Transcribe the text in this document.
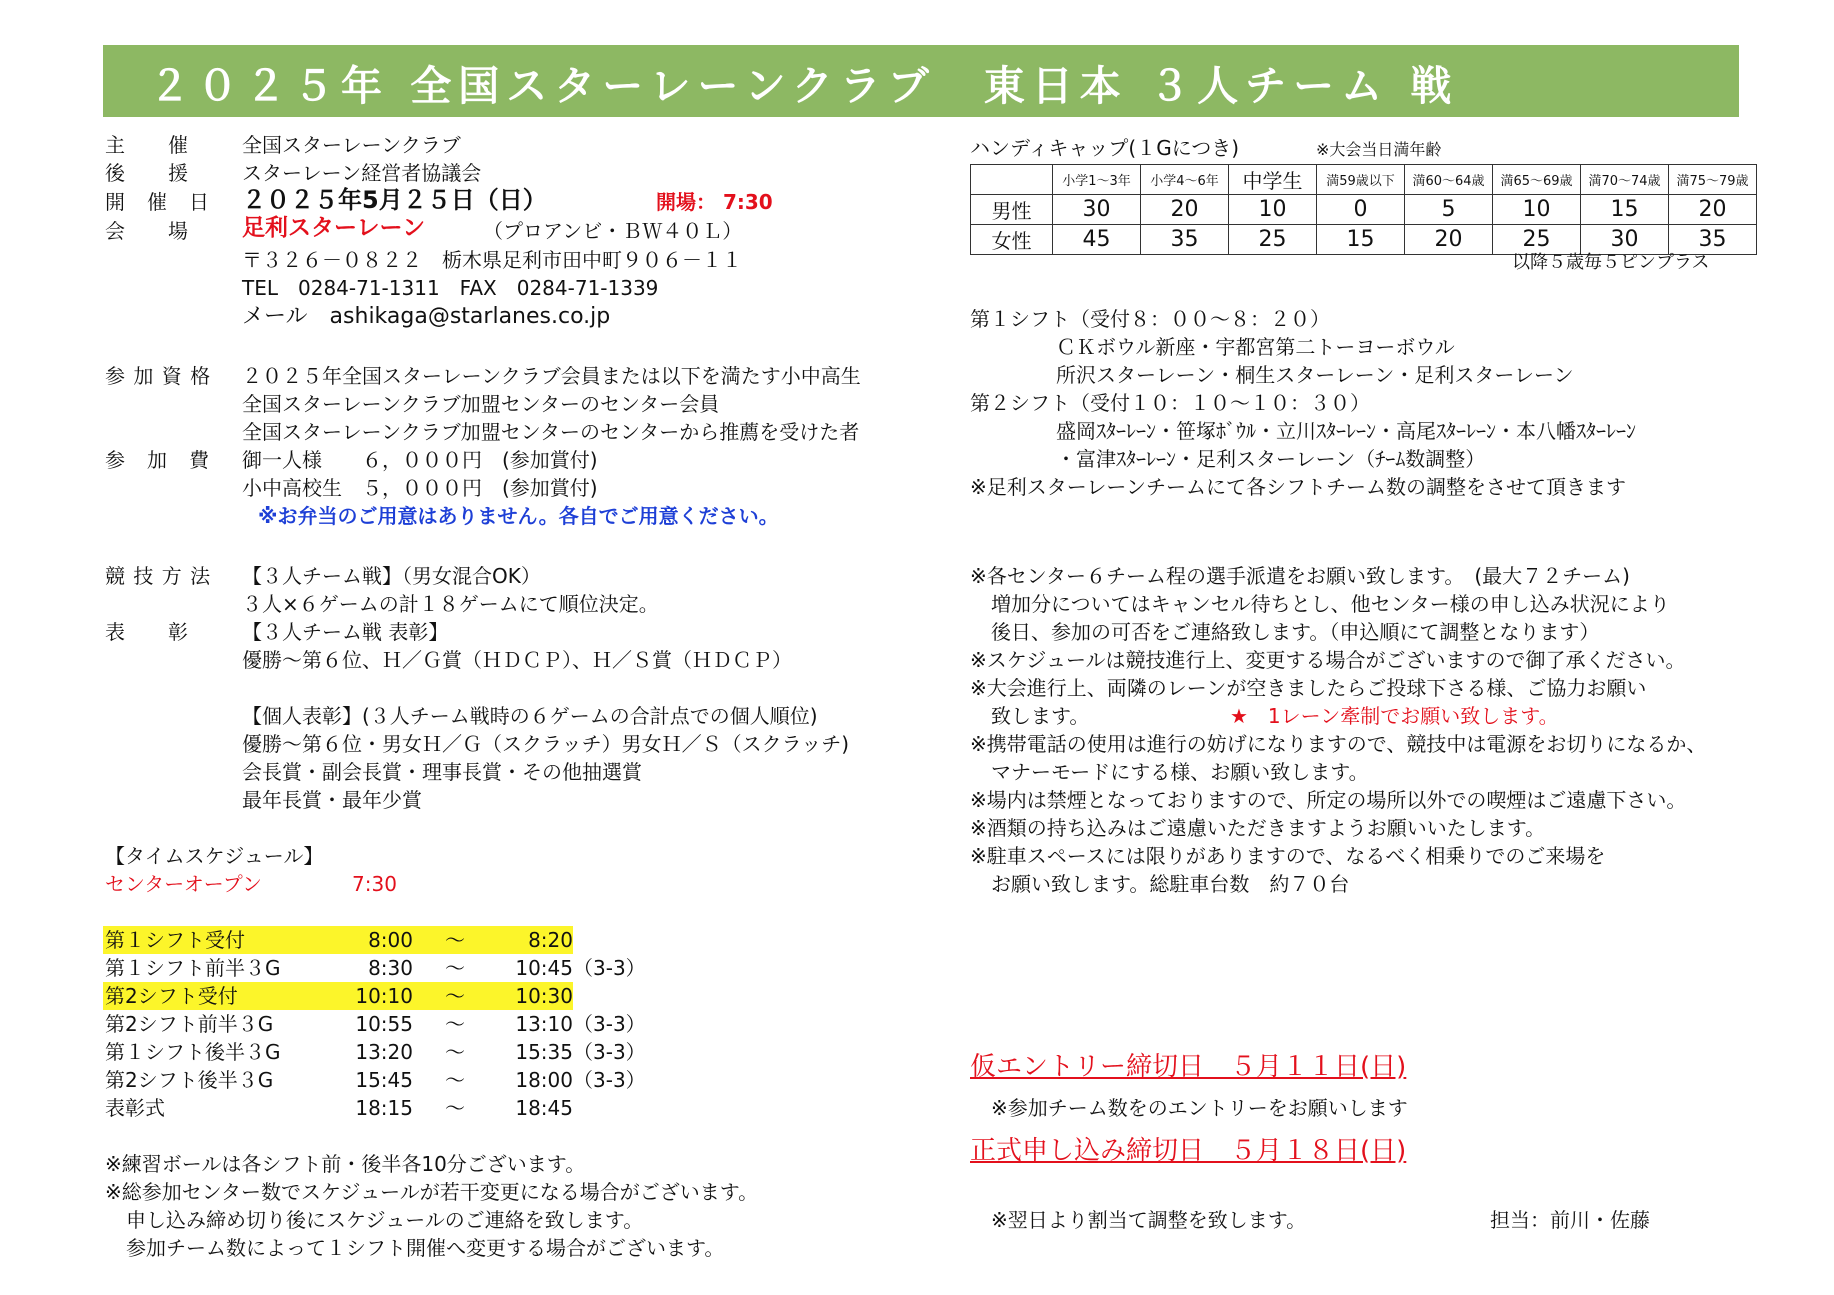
２０２５年 全国スターレーンクラブ　東日本 ３人チーム 戦
主　　催	全国スターレーンクラブ
後　　援	スターレーン経営者協議会
開　催　日 ２０２５年5月２５日（日）	開場： 7:30
会　　場 足利スターレーン	（プロアンビ・ＢＷ４０Ｌ）
〒３２６－０８２２　栃木県足利市田中町９０６－１１
TEL　0284-71-1311　FAX　0284-71-1339
メール　ashikaga@starlanes.co.jp
参 加 資 格 ２０２５年全国スターレーンクラブ会員または以下を満たす小中高生
全国スターレーンクラブ加盟センターのセンター会員
全国スターレーンクラブ加盟センターのセンターから推薦を受けた者
参　加　費 御一人様　　６，０００円　(参加賞付)
小中高校生　５，０００円　(参加賞付)
※お弁当のご用意はありません。各自でご用意ください。
競 技 方 法 【３人チーム戦】（男女混合OK）
３人×６ゲームの計１８ゲームにて順位決定。
表　　彰	【３人チーム戦 表彰】
優勝～第６位、Ｈ／Ｇ賞（ＨＤＣＰ）、Ｈ／Ｓ賞（ＨＤＣＰ）
【個人表彰】(３人チーム戦時の６ゲームの合計点での個人順位)
優勝～第６位・男女Ｈ／Ｇ（スクラッチ）男女Ｈ／Ｓ（スクラッチ)
会長賞・副会長賞・理事長賞・その他抽選賞
最年長賞・最年少賞
【タイムスケジュール】
センターオープン	7:30
第１シフト受付	8:00	～	8:20	
第１シフト前半３G	8:30	～	10:45	（3-3）
第2シフト受付	10:10	～	10:30	
第2シフト前半３G	10:55	～	13:10	（3-3）
第１シフト後半３G	13:20	～	15:35	（3-3）
第2シフト後半３G	15:45	～	18:00	（3-3）
表彰式	18:15	～	18:45	
※練習ボールは各シフト前・後半各10分ございます。
※総参加センター数でスケジュールが若干変更になる場合がございます。
申し込み締め切り後にスケジュールのご連絡を致します。
参加チーム数によって１シフト開催へ変更する場合がございます。
ハンディキャップ(１Gにつき)	※大会当日満年齢
	小学1～3年	小学4～6年	中学生	満59歳以下	満60～64歳	満65～69歳	満70～74歳	満75～79歳
男性	30	20	10	0	5	10	15	20
女性	45	35	25	15	20	25	30	35
以降５歳毎５ピンプラス
第１シフト（受付８：００～８：２０）
ＣＫボウル新座・宇都宮第二トーヨーボウル
所沢スターレーン・桐生スターレーン・足利スターレーン
第２シフト（受付１０：１０～１０：３０）
盛岡ｽﾀｰﾚｰﾝ・笹塚ﾎﾞｳﾙ・立川ｽﾀｰﾚｰﾝ・高尾ｽﾀｰﾚｰﾝ・本八幡ｽﾀｰﾚｰﾝ
・富津ｽﾀｰﾚｰﾝ・足利スターレーン（ﾁｰﾑ数調整）
※足利スターレーンチームにて各シフトチーム数の調整をさせて頂きます
※各センター６チーム程の選手派遣をお願い致します。　(最大７２チーム)
増加分についてはキャンセル待ちとし、他センター様の申し込み状況により
後日、参加の可否をご連絡致します。（申込順にて調整となります）
※スケジュールは競技進行上、変更する場合がございますので御了承ください。
※大会進行上、両隣のレーンが空きましたらご投球下さる様、ご協力お願い
致します。	★　1レーン牽制でお願い致します。
※携帯電話の使用は進行の妨げになりますので、競技中は電源をお切りになるか、
マナーモードにする様、お願い致します。
※場内は禁煙となっておりますので、所定の場所以外での喫煙はご遠慮下さい。
※酒類の持ち込みはご遠慮いただきますようお願いいたします。
※駐車スペースには限りがありますので、なるべく相乗りでのご来場を
お願い致します。総駐車台数　約７０台
仮エントリー締切日　５月１１日(日)
※参加チーム数をのエントリーをお願いします
正式申し込み締切日　５月１８日(日)
※翌日より割当て調整を致します。	担当：前川・佐藤
